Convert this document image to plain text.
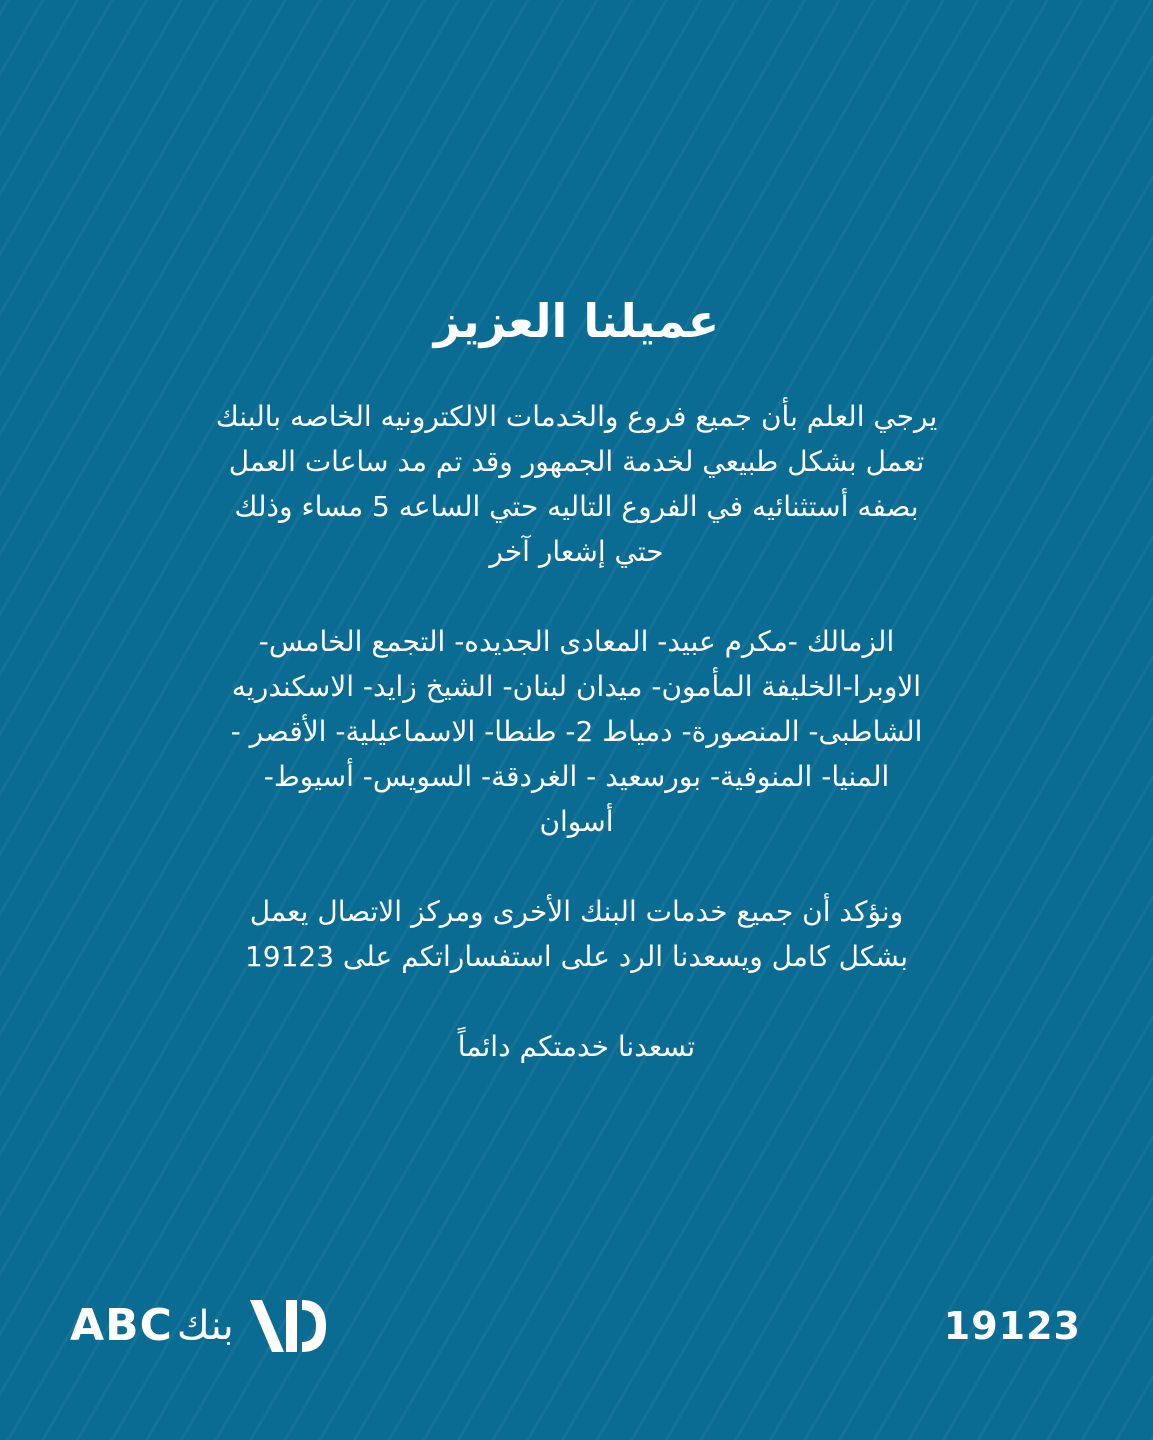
عميلنا العزيز
يرجي العلم بأن جميع فروع والخدمات الالكترونيه الخاصه بالبنك
تعمل بشكل طبيعي لخدمة الجمهور وقد تم مد ساعات العمل
بصفه أستثنائيه في الفروع التاليه حتي الساعه 5 مساء وذلك
حتي إشعار آخر
الزمالك -مكرم عبيد- المعادى الجديده- التجمع الخامس-
الاوبرا-الخليفة المأمون- ميدان لبنان- الشيخ زايد- الاسكندريه
الشاطبى- المنصورة- دمياط 2- طنطا- الاسماعيلية- الأقصر -
المنيا- المنوفية- بورسعيد - الغردقة- السويس- أسيوط-
أسوان
ونؤكد أن جميع خدمات البنك الأخرى ومركز الاتصال يعمل
بشكل كامل ويسعدنا الرد على استفساراتكم على 19123
تسعدنا خدمتكم دائماً
ABC بنك	19123
